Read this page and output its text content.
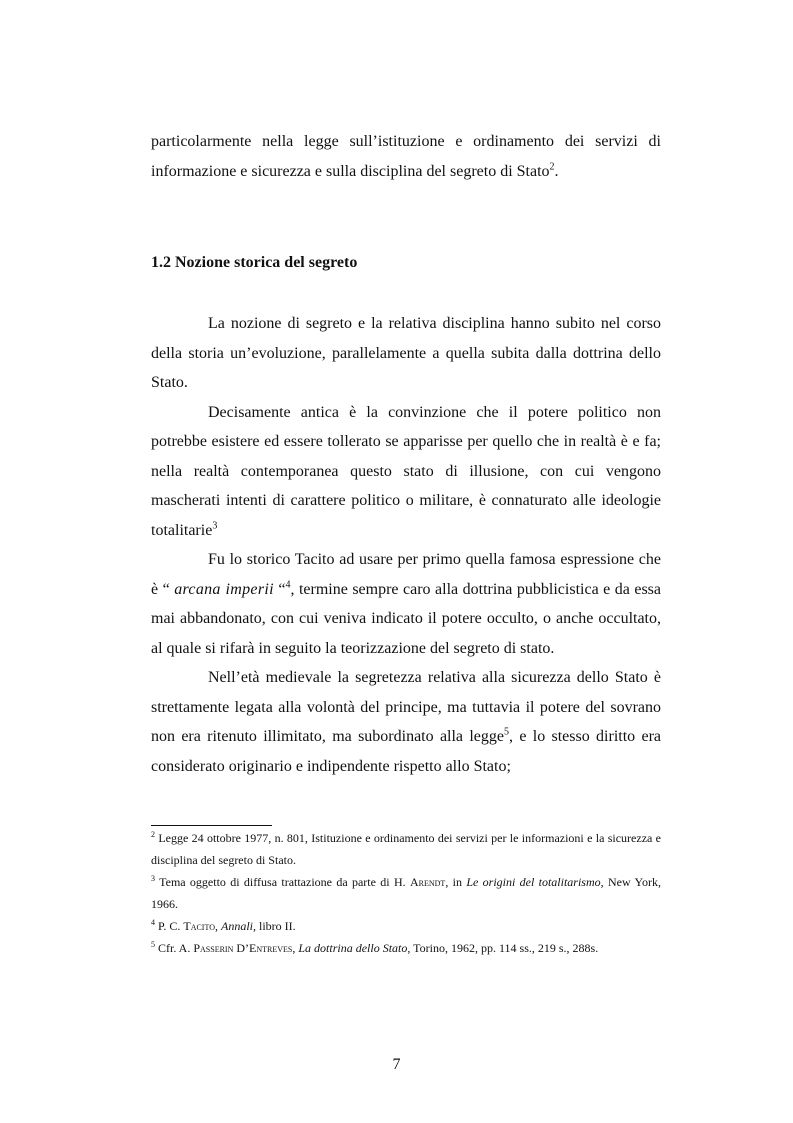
particolarmente nella legge sull’istituzione e ordinamento dei servizi di informazione e sicurezza e sulla disciplina del segreto di Stato$^2$.

1.2 Nozione storica del segreto

La nozione di segreto e la relativa disciplina hanno subito nel corso della storia un’evoluzione, parallelamente a quella subita dalla dottrina dello Stato.

Decisamente antica è la convinzione che il potere politico non potrebbe esistere ed essere tollerato se apparisse per quello che in realtà è e fa; nella realtà contemporanea questo stato di illusione, con cui vengono mascherati intenti di carattere politico o militare, è connaturato alle ideologie totalitarie$^3$

Fu lo storico Tacito ad usare per primo quella famosa espressione che è “ arcana imperii “$^4$, termine sempre caro alla dottrina pubblicistica e da essa mai abbandonato, con cui veniva indicato il potere occulto, o anche occultato, al quale si rifarà in seguito la teorizzazione del segreto di stato.

Nell’età medievale la segretezza relativa alla sicurezza dello Stato è strettamente legata alla volontà del principe, ma tuttavia il potere del sovrano non era ritenuto illimitato, ma subordinato alla legge$^5$, e lo stesso diritto era considerato originario e indipendente rispetto allo Stato;

$^2$ Legge 24 ottobre 1977, n. 801, Istituzione e ordinamento dei servizi per le informazioni e la sicurezza e disciplina del segreto di Stato.

$^3$ Tema oggetto di diffusa trattazione da parte di H. Arendt, in Le origini del totalitarismo, New York, 1966.

$^4$ P. C. Tacito, Annali, libro II.

$^5$ Cfr. A. Passerin D’Entreves, La dottrina dello Stato, Torino, 1962, pp. 114 ss., 219 s., 288s.

7
